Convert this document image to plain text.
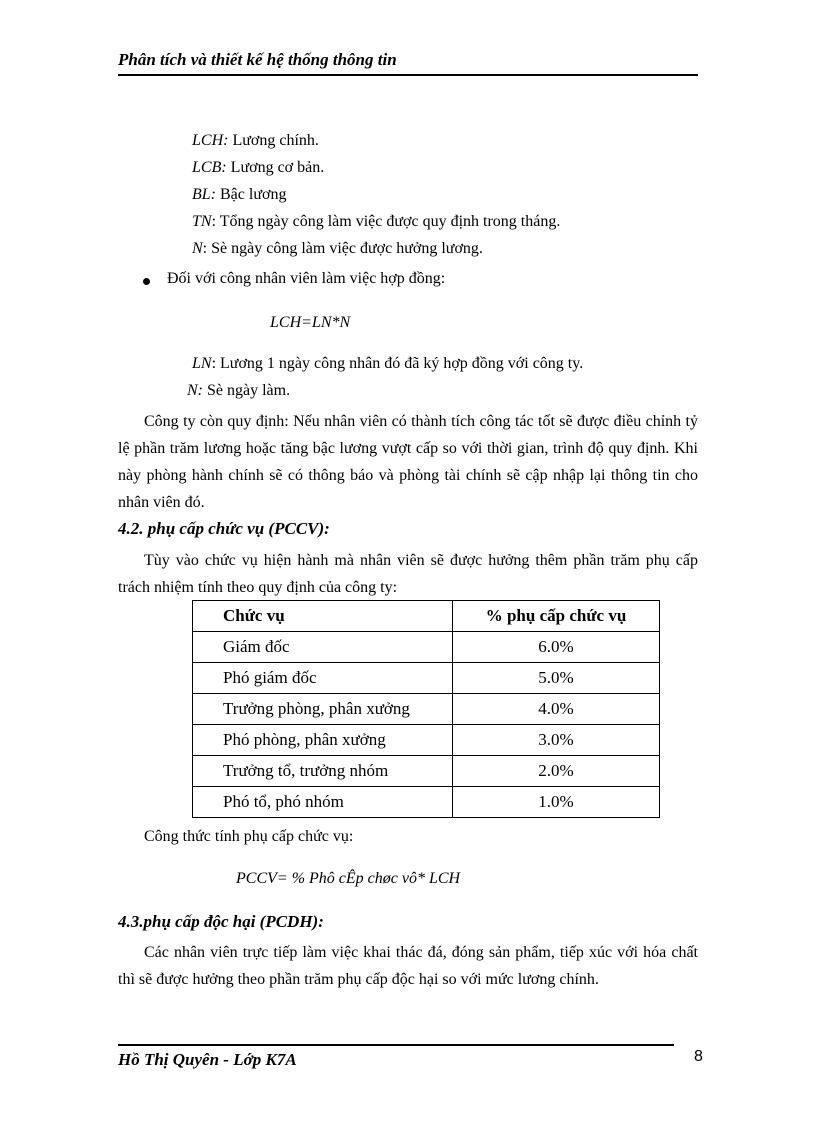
Phân tích và thiết kế hệ thống thông tin
LCH: Lương chính.
LCB: Lương cơ bản.
BL: Bậc lương
TN: Tổng ngày công làm việc được quy định trong tháng.
N: Sè ngày công làm việc được hưởng lương.
Đối với công nhân viên làm việc hợp đồng:
LCH=LN*N
LN: Lương 1 ngày công nhân đó đã ký hợp đồng với công ty.
N: Sè ngày làm.
Công ty còn quy định: Nếu nhân viên có thành tích công tác tốt sẽ được điều chỉnh tỷ lệ phần trăm lương hoặc tăng bậc lương vượt cấp so với thời gian, trình độ quy định. Khi này phòng hành chính sẽ có thông báo và phòng tài chính sẽ cập nhập lại thông tin cho nhân viên đó.
4.2. phụ cấp chức vụ (PCCV):
Tùy vào chức vụ hiện hành mà nhân viên sẽ được hưởng thêm phần trăm phụ cấp trách nhiệm tính theo quy định của công ty:
Chức vụ	% phụ cấp chức vụ
Giám đốc	6.0%
Phó giám đốc	5.0%
Trưởng phòng, phân xưởng	4.0%
Phó phòng, phân xưởng	3.0%
Trưởng tổ, trưởng nhóm	2.0%
Phó tổ, phó nhóm	1.0%
Công thức tính phụ cấp chức vụ:
PCCV= % Phô cÊp chøc vô* LCH
4.3.phụ cấp độc hại (PCDH):
Các nhân viên trực tiếp làm việc khai thác đá, đóng sản phẩm, tiếp xúc với hóa chất thì sẽ được hưởng theo phần trăm phụ cấp độc hại so với mức lương chính.
Hồ Thị Quyên - Lớp K7A	8
